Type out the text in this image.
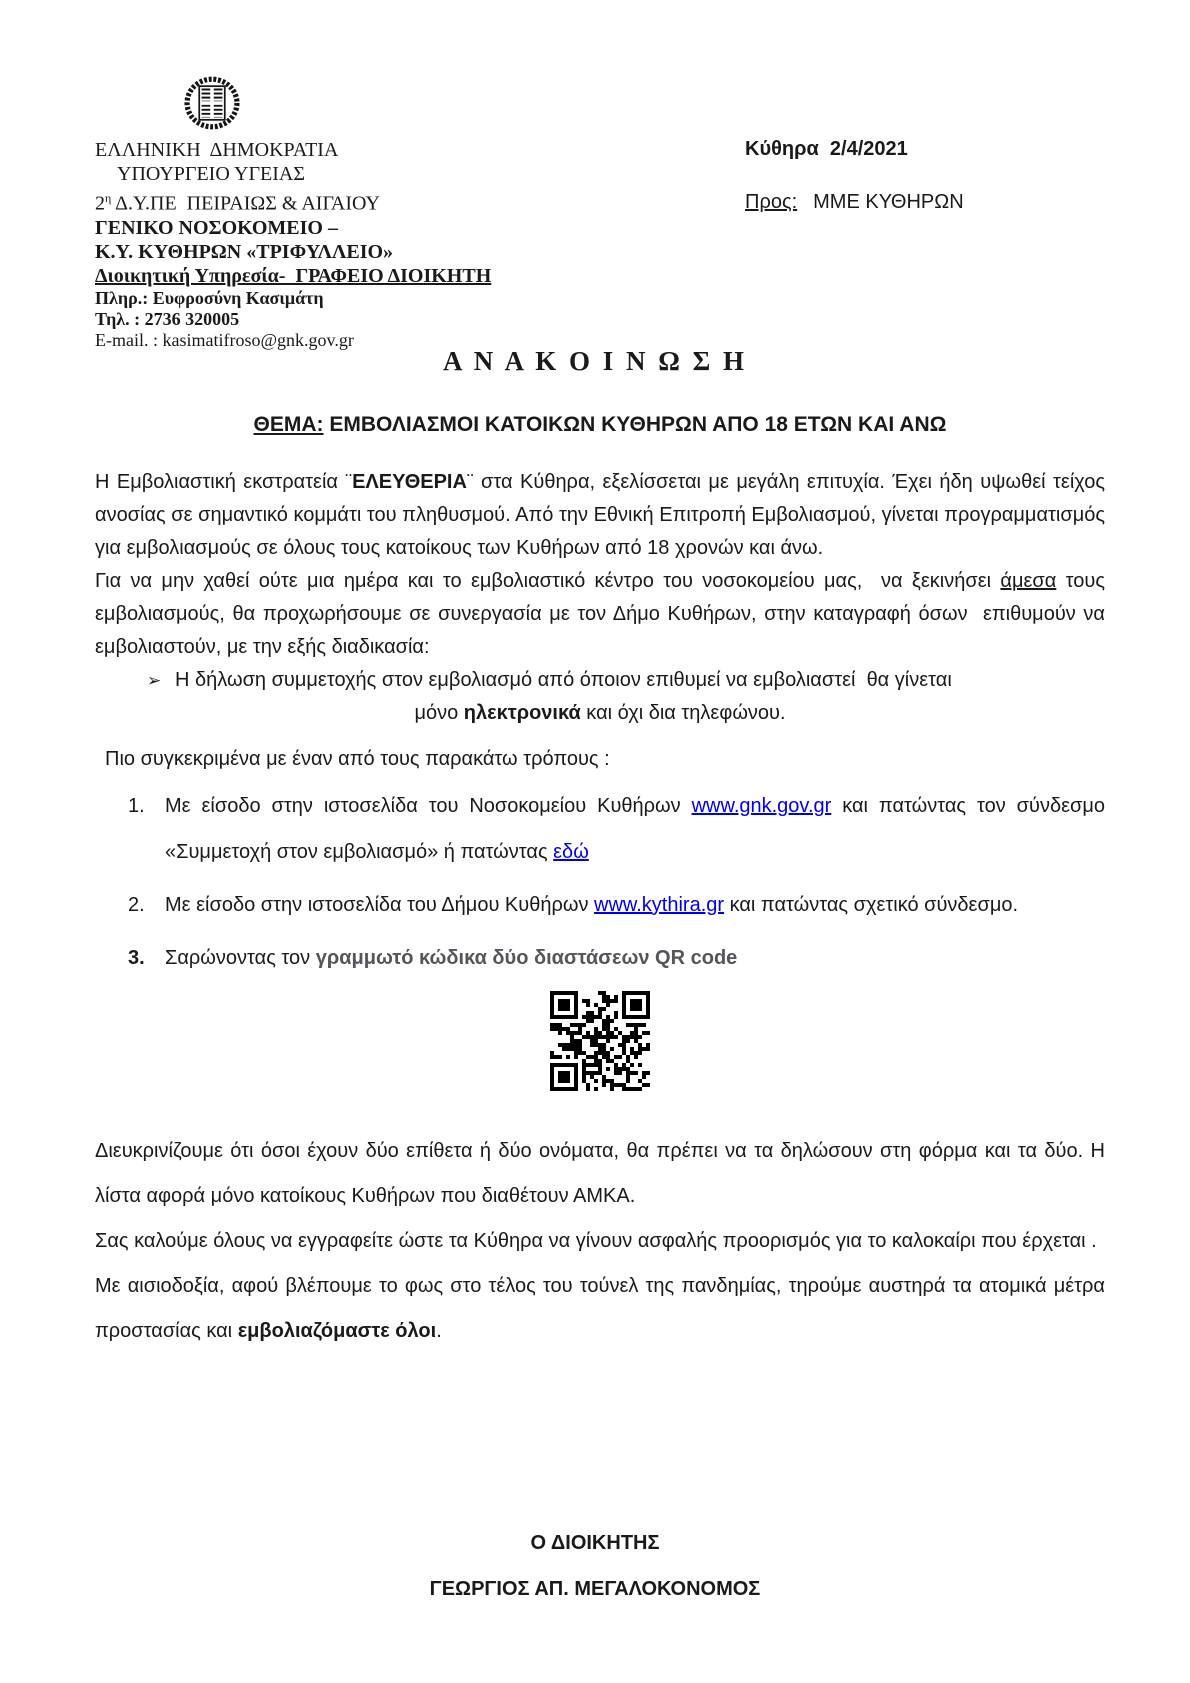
ΕΛΛΗΝΙΚΗ  ΔΗΜΟΚΡΑΤΙΑ
ΥΠΟΥΡΓΕΙΟ ΥΓΕΙΑΣ
$2^\eta$ Δ.Υ.ΠΕ  ΠΕΙΡΑΙΩΣ & ΑΙΓΑΙΟΥ
ΓΕΝΙΚΟ ΝΟΣΟΚΟΜΕΙΟ –
Κ.Υ. ΚΥΘΗΡΩΝ «ΤΡΙΦΥΛΛΕΙΟ»
Διοικητική Υπηρεσία-  ΓΡΑΦΕΙΟ ΔΙΟΙΚΗΤΗ
Πληρ.: Ευφροσύνη Κασιμάτη
Τηλ. : 2736 320005
E-mail. : kasimatifroso@gnk.gov.gr
Κύθηρα  2/4/2021
Προς: ΜΜΕ ΚΥΘΗΡΩΝ
Α Ν Α Κ Ο Ι Ν Ω Σ Η
ΘΕΜΑ: ΕΜΒΟΛΙΑΣΜΟΙ ΚΑΤΟΙΚΩΝ ΚΥΘΗΡΩΝ ΑΠΟ 18 ΕΤΩΝ ΚΑΙ ΑΝΩ

Η Εμβολιαστική εκστρατεία ¨ΕΛΕΥΘΕΡΙΑ¨ στα Κύθηρα, εξελίσσεται με μεγάλη επιτυχία. Έχει ήδη υψωθεί τείχος ανοσίας σε σημαντικό κομμάτι του πληθυσμού. Από την Εθνική Επιτροπή Εμβολιασμού, γίνεται προγραμματισμός για εμβολιασμούς σε όλους τους κατοίκους των Κυθήρων από 18 χρονών και άνω.

Για να μην χαθεί ούτε μια ημέρα και το εμβολιαστικό κέντρο του νοσοκομείου μας,  να ξεκινήσει άμεσα τους εμβολιασμούς, θα προχωρήσουμε σε συνεργασία με τον Δήμο Κυθήρων, στην καταγραφή όσων  επιθυμούν να εμβολιαστούν, με την εξής διαδικασία:

➢ Η δήλωση συμμετοχής στον εμβολιασμό από όποιον επιθυμεί να εμβολιαστεί  θα γίνεται

μόνο ηλεκτρονικά και όχι δια τηλεφώνου.

Πιο συγκεκριμένα με έναν από τους παρακάτω τρόπους :

1. Με είσοδο στην ιστοσελίδα του Νοσοκομείου Κυθήρων www.gnk.gov.gr και πατώντας τον σύνδεσμο «Συμμετοχή στον εμβολιασμό» ή πατώντας εδώ

2. Με είσοδο στην ιστοσελίδα του Δήμου Κυθήρων www.kythira.gr και πατώντας σχετικό σύνδεσμο.

3. Σαρώνοντας τον γραμμωτό κώδικα δύο διαστάσεων QR code

Διευκρινίζουμε ότι όσοι έχουν δύο επίθετα ή δύο ονόματα, θα πρέπει να τα δηλώσουν στη φόρμα και τα δύο. Η λίστα αφορά μόνο κατοίκους Κυθήρων που διαθέτουν ΑΜΚΑ.

Σας καλούμε όλους να εγγραφείτε ώστε τα Κύθηρα να γίνουν ασφαλής προορισμός για το καλοκαίρι που έρχεται .

Με αισιοδοξία, αφού βλέπουμε το φως στο τέλος του τούνελ της πανδημίας, τηρούμε αυστηρά τα ατομικά μέτρα προστασίας και εμβολιαζόμαστε όλοι.

Ο ΔΙΟΙΚΗΤΗΣ
ΓΕΩΡΓΙΟΣ ΑΠ. ΜΕΓΑΛΟΚΟΝΟΜΟΣ
